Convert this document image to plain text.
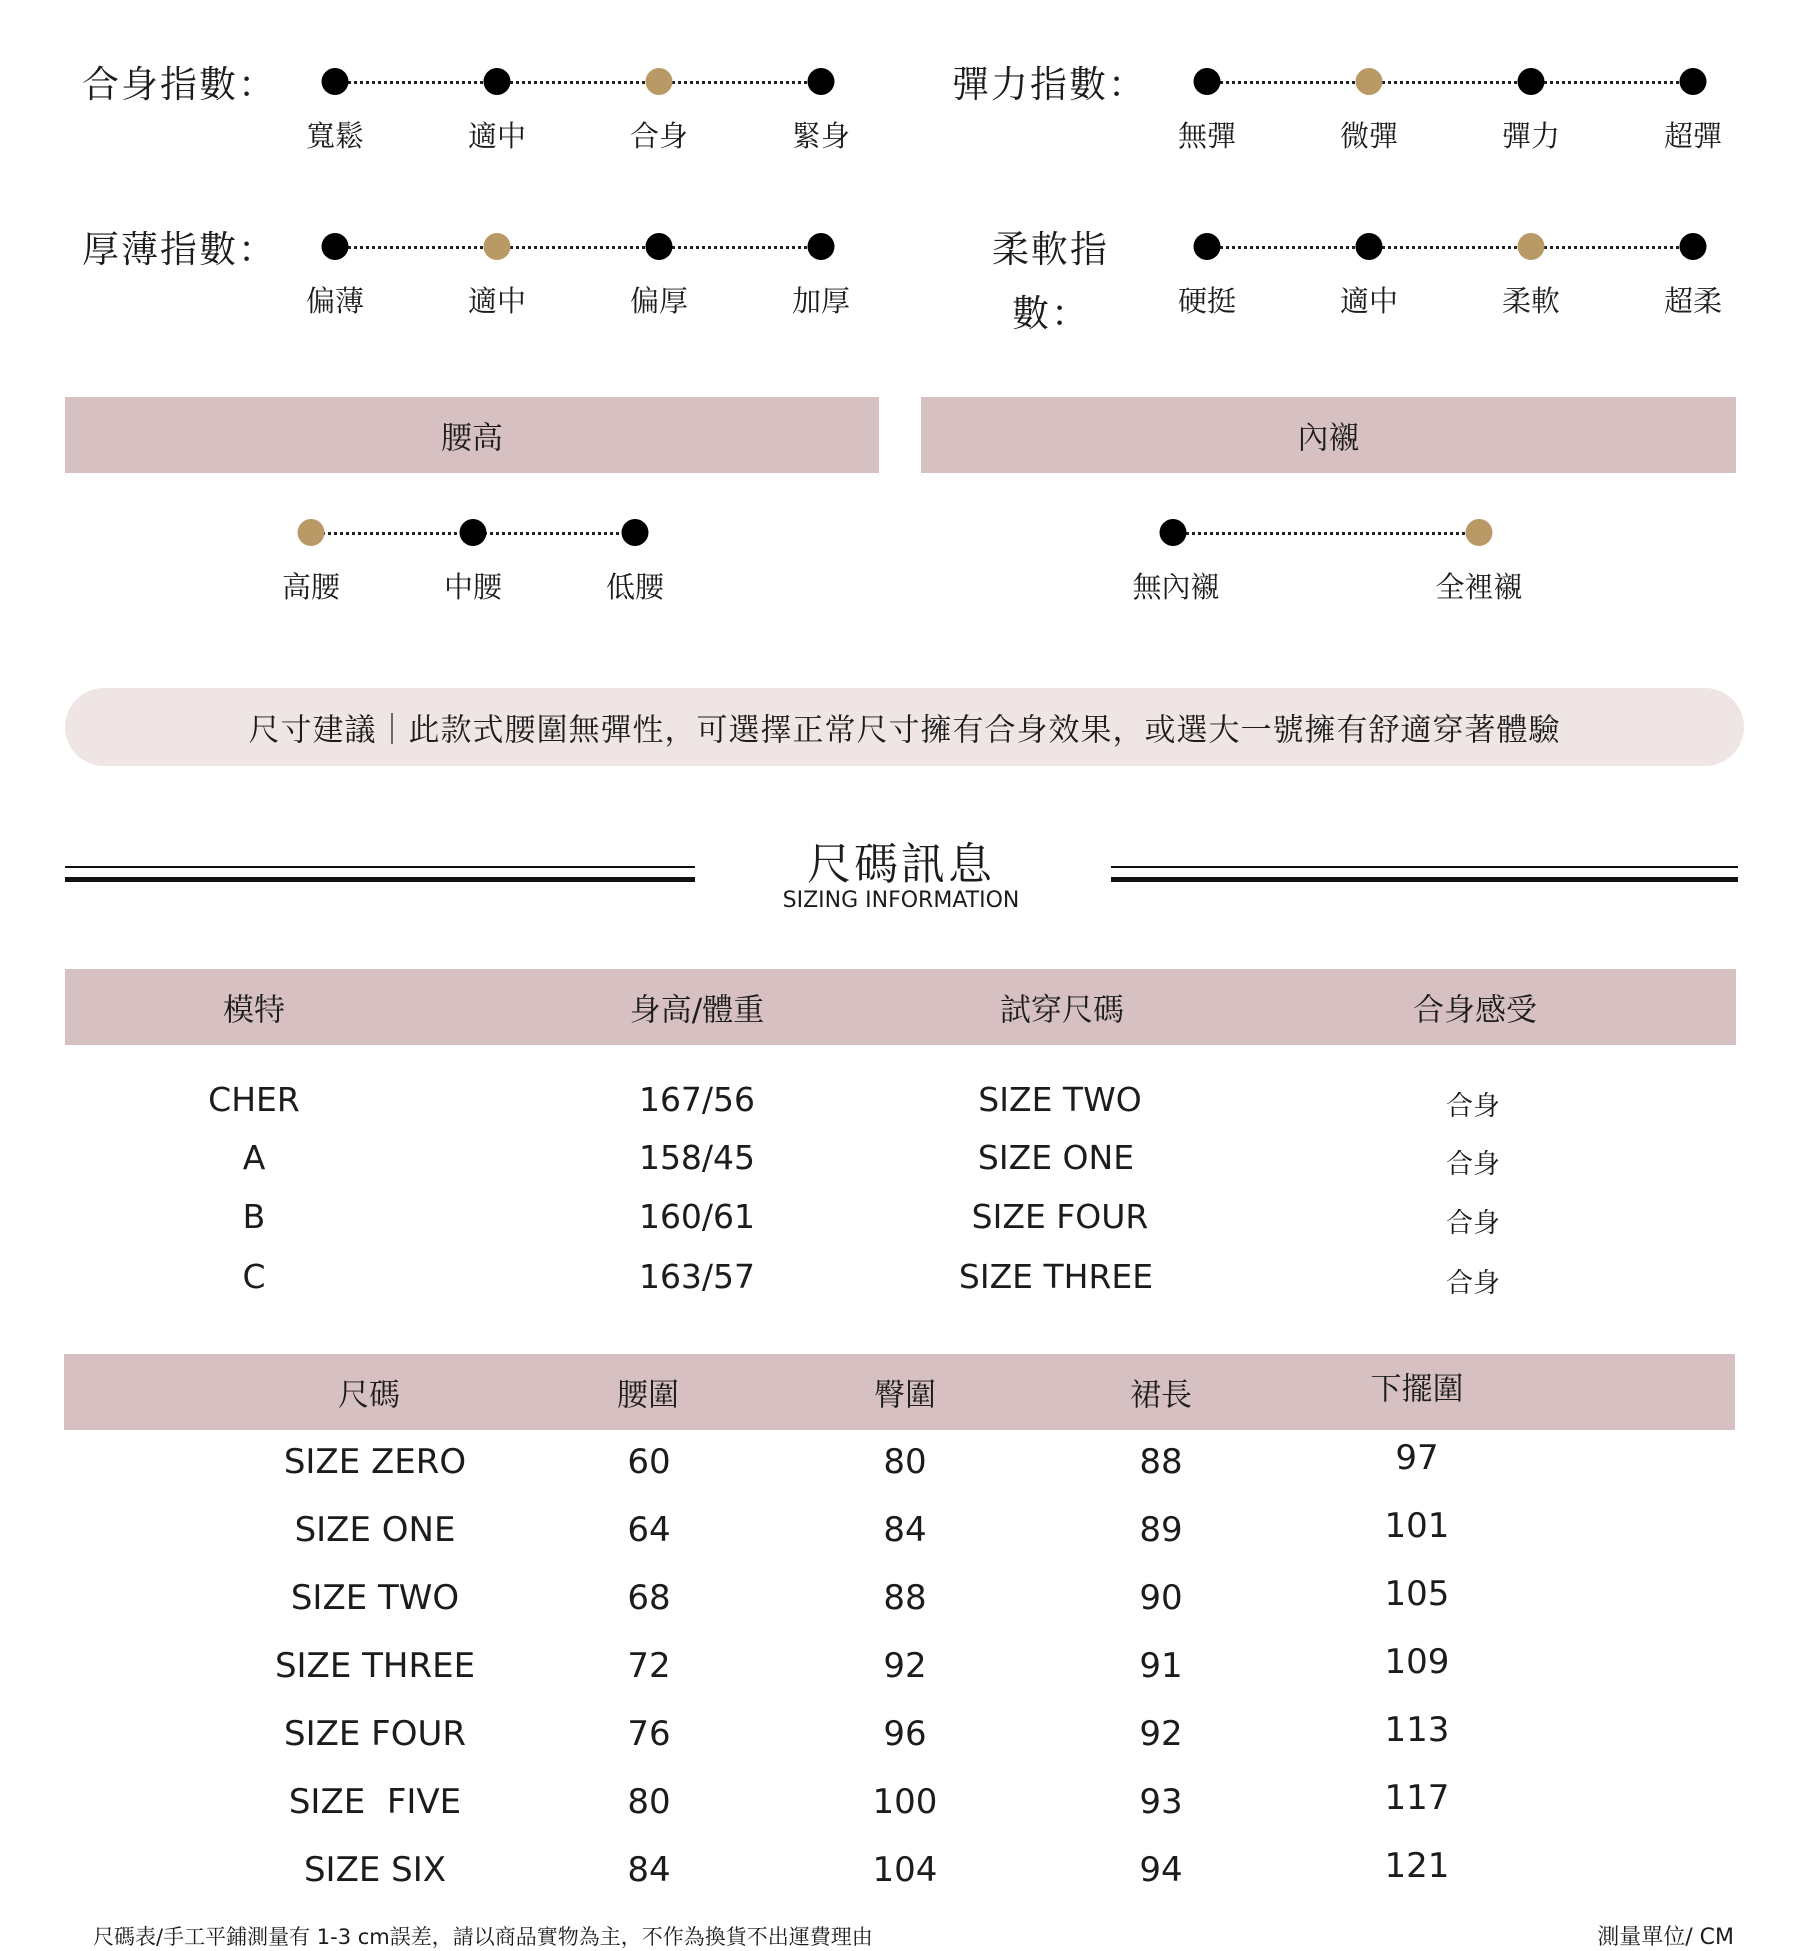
合身指數：
寬鬆	適中	合身	緊身
彈力指數：
無彈	微彈	彈力	超彈
厚薄指數：
偏薄	適中	偏厚	加厚
柔軟指
數：	硬挺	適中	柔軟	超柔
腰高	內襯
高腰	中腰	低腰	無內襯	全裡襯
尺寸建議｜此款式腰圍無彈性，可選擇正常尺寸擁有合身效果，或選大一號擁有舒適穿著體驗
尺碼訊息
SIZING INFORMATION
模特	身高/體重	試穿尺碼	合身感受
CHER	167/56	SIZE TWO	合身
A	158/45	SIZE ONE	合身
B	160/61	SIZE FOUR	合身
C	163/57	SIZE THREE	合身
尺碼	腰圍	臀圍	裙長	下擺圍
SIZE ZERO	60	80	88	97
SIZE ONE	64	84	89	101
SIZE TWO	68	88	90	105
SIZE THREE	72	92	91	109
SIZE FOUR	76	96	92	113
SIZE  FIVE	80	100	93	117
SIZE SIX	84	104	94	121
尺碼表/手工平鋪測量有 1-3 cm誤差，請以商品實物為主，不作為換貨不出運費理由	測量單位/ CM
